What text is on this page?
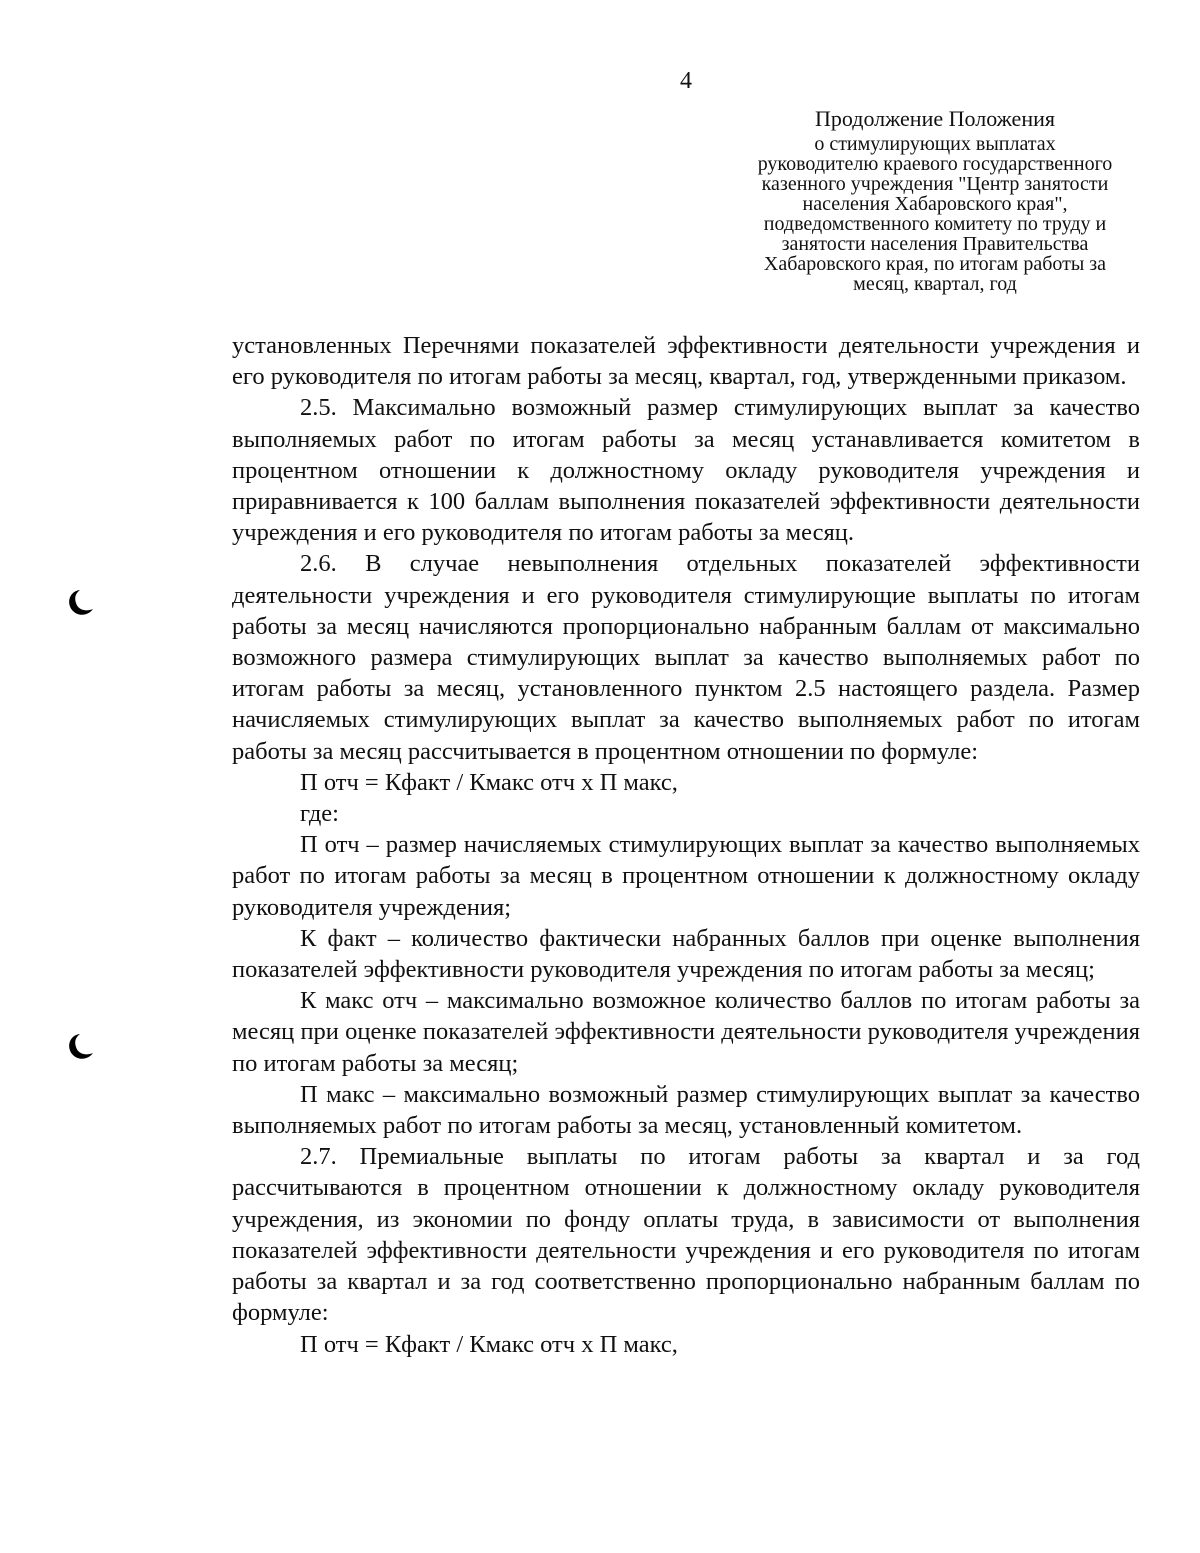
4
Продолжение Положения
о стимулирующих выплатах
руководителю краевого государственного
казенного учреждения "Центр занятости
населения Хабаровского края",
подведомственного комитету по труду и
занятости населения Правительства
Хабаровского края, по итогам работы за
месяц, квартал, год

установленных Перечнями показателей эффективности деятельности учреждения и его руководителя по итогам работы за месяц, квартал, год, утвержденными приказом.

2.5. Максимально возможный размер стимулирующих выплат за качество выполняемых работ по итогам работы за месяц устанавливается комитетом в процентном отношении к должностному окладу руководителя учреждения и приравнивается к 100 баллам выполнения показателей эффективности деятельности учреждения и его руководителя по итогам работы за месяц.

2.6. В случае невыполнения отдельных показателей эффективности деятельности учреждения и его руководителя стимулирующие выплаты по итогам работы за месяц начисляются пропорционально набранным баллам от максимально возможного размера стимулирующих выплат за качество выполняемых работ по итогам работы за месяц, установленного пунктом 2.5 настоящего раздела. Размер начисляемых стимулирующих выплат за качество выполняемых работ по итогам работы за месяц рассчитывается в процентном отношении по формуле:

П отч = Кфакт / Кмакс отч х П макс,

где:

П отч – размер начисляемых стимулирующих выплат за качество выполняемых работ по итогам работы за месяц в процентном отношении к должностному окладу руководителя учреждения;

К факт – количество фактически набранных баллов при оценке выполнения показателей эффективности руководителя учреждения по итогам работы за месяц;

К макс отч – максимально возможное количество баллов по итогам работы за месяц при оценке показателей эффективности деятельности руководителя учреждения по итогам работы за месяц;

П макс – максимально возможный размер стимулирующих выплат за качество выполняемых работ по итогам работы за месяц, установленный комитетом.

2.7. Премиальные выплаты по итогам работы за квартал и за год рассчитываются в процентном отношении к должностному окладу руководителя учреждения, из экономии по фонду оплаты труда, в зависимости от выполнения показателей эффективности деятельности учреждения и его руководителя по итогам работы за квартал и за год соответственно пропорционально набранным баллам по формуле:

П отч = Кфакт / Кмакс отч х П макс,
